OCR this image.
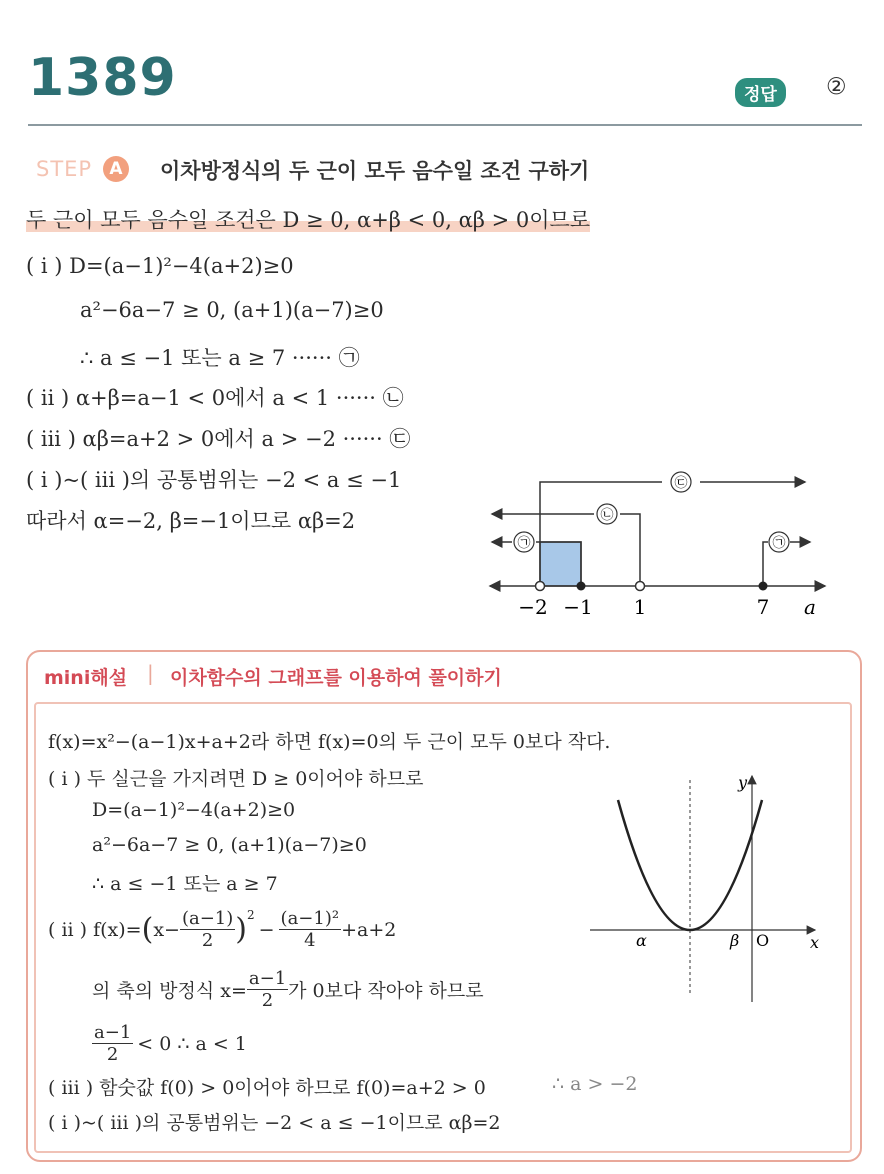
1389	정답	②
STEP	A	이차방정식의 두 근이 모두 음수일 조건 구하기
두 근이 모두 음수일 조건은 D ≥ 0, α+β < 0, αβ > 0이므로
( i ) D=(a−1)²−4(a+2)≥0
a²−6a−7 ≥ 0, (a+1)(a−7)≥0
∴ a ≤ −1 또는 a ≥ 7 ······ ㉠
( ii ) α+β=a−1 < 0에서 a < 1 ······ ㉡
( iii ) αβ=a+2 > 0에서 a > −2 ······ ㉢
( i )~( iii )의 공통범위는 −2 < a ≤ −1
따라서 α=−2, β=−1이므로 αβ=2
㉢
㉡
㉠	㉠
−2 −1 1	7 a
mini해설 | 이차함수의 그래프를 이용하여 풀이하기
f(x)=x²−(a−1)x+a+2라 하면 f(x)=0의 두 근이 모두 0보다 작다.
( i ) 두 실근을 가지려면 D ≥ 0이어야 하므로
D=(a−1)²−4(a+2)≥0
a²−6a−7 ≥ 0, (a+1)(a−7)≥0
∴ a ≤ −1 또는 a ≥ 7
( ii ) f(x)= ( $x- \frac{(a-1)}{2} )^2$
− $\frac{\text{(a−1)²}}{4} +a+2$
의 축의 방정식 $x= \frac{a-1}{2}$ 가 0보다 작아야 하므로
$\frac{a-1}{2} < 0$ ∴ a < 1
( iii ) 함숫값 f(0) > 0이어야 하므로 f(0)=a+2 > 0	∴ a > −2
( i )~( iii )의 공통범위는 −2 < a ≤ −1이므로 αβ=2
y
x
α	β O
